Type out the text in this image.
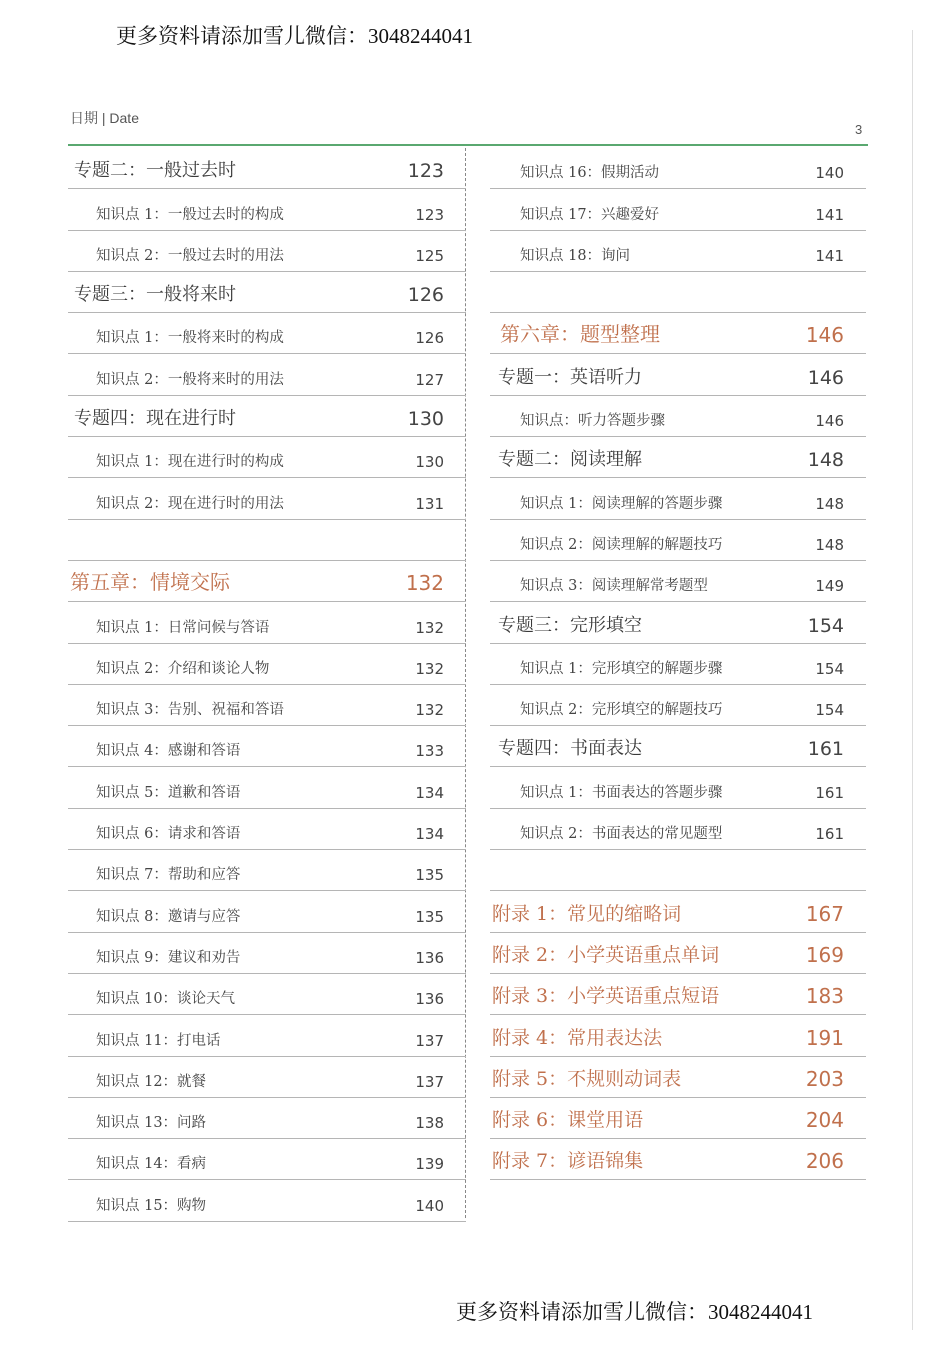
更多资料请添加雪儿微信：3048244041
日期 | Date
3
专题二：一般过去时	123
知识点 1：一般过去时的构成	123
知识点 2：一般过去时的用法	125
专题三：一般将来时	126
知识点 1：一般将来时的构成	126
知识点 2：一般将来时的用法	127
专题四：现在进行时	130
知识点 1：现在进行时的构成	130
知识点 2：现在进行时的用法	131
第五章：情境交际	132
知识点 1：日常问候与答语	132
知识点 2：介绍和谈论人物	132
知识点 3：告别、祝福和答语	132
知识点 4：感谢和答语	133
知识点 5：道歉和答语	134
知识点 6：请求和答语	134
知识点 7：帮助和应答	135
知识点 8：邀请与应答	135
知识点 9：建议和劝告	136
知识点 10：谈论天气	136
知识点 11：打电话	137
知识点 12：就餐	137
知识点 13：问路	138
知识点 14：看病	139
知识点 15：购物	140
知识点 16：假期活动	140
知识点 17：兴趣爱好	141
知识点 18：询问	141
第六章：题型整理	146
专题一：英语听力	146
知识点：听力答题步骤	146
专题二：阅读理解	148
知识点 1：阅读理解的答题步骤	148
知识点 2：阅读理解的解题技巧	148
知识点 3：阅读理解常考题型	149
专题三：完形填空	154
知识点 1：完形填空的解题步骤	154
知识点 2：完形填空的解题技巧	154
专题四：书面表达	161
知识点 1：书面表达的答题步骤	161
知识点 2：书面表达的常见题型	161
附录 1：常见的缩略词	167
附录 2：小学英语重点单词	169
附录 3：小学英语重点短语	183
附录 4：常用表达法	191
附录 5：不规则动词表	203
附录 6：课堂用语	204
附录 7：谚语锦集	206
更多资料请添加雪儿微信：3048244041
